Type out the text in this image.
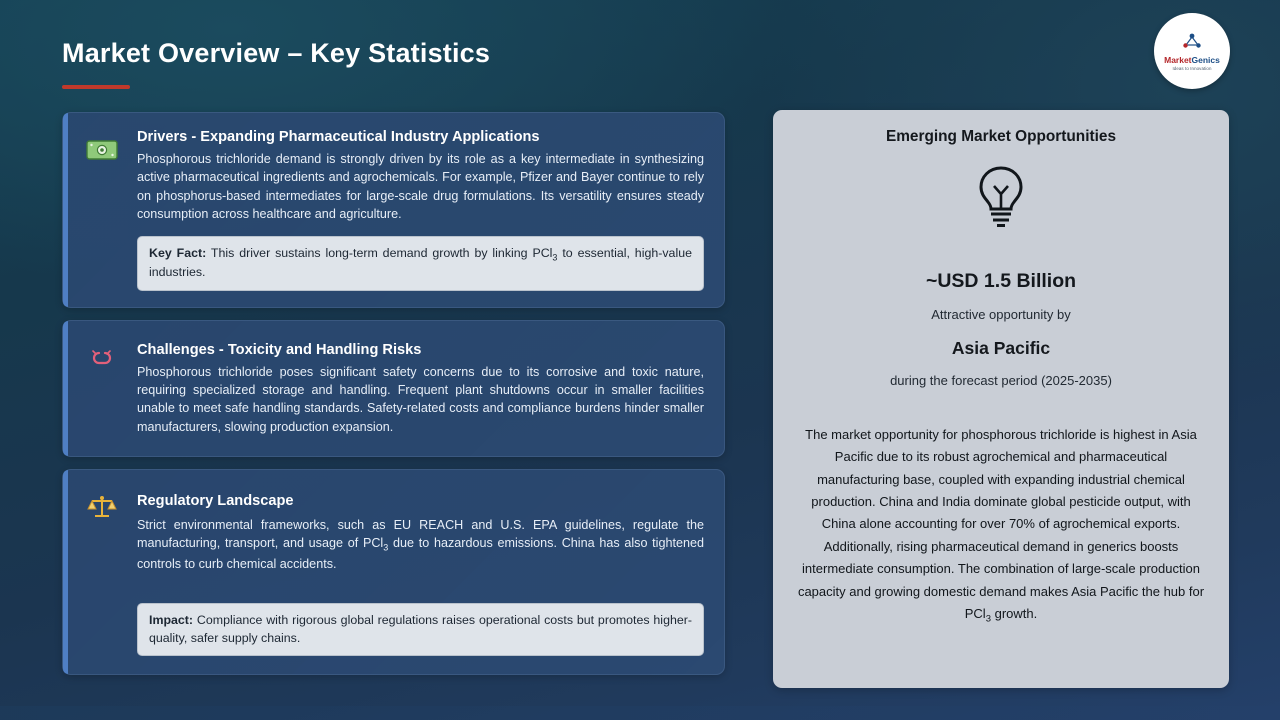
Market Overview – Key Statistics	MarketGenics
Ideas to Innovation
Drivers - Expanding Pharmaceutical Industry Applications

Phosphorous trichloride demand is strongly driven by its role as a key intermediate in synthesizing active pharmaceutical ingredients and agrochemicals. For example, Pfizer and Bayer continue to rely on phosphorus-based intermediates for large-scale drug formulations. Its versatility ensures steady consumption across healthcare and agriculture.

Key Fact: This driver sustains long-term demand growth by linking PCl$_3$ to essential, high-value industries.
Challenges - Toxicity and Handling Risks

Phosphorous trichloride poses significant safety concerns due to its corrosive and toxic nature, requiring specialized storage and handling. Frequent plant shutdowns occur in smaller facilities unable to meet safe handling standards. Safety-related costs and compliance burdens hinder smaller manufacturers, slowing production expansion.

Regulatory Landscape

Strict environmental frameworks, such as EU REACH and U.S. EPA guidelines, regulate the manufacturing, transport, and usage of PCl$_3$ due to hazardous emissions. China has also tightened controls to curb chemical accidents.

Impact: Compliance with rigorous global regulations raises operational costs but promotes higher-quality, safer supply chains.
Emerging Market Opportunities
~USD 1.5 Billion
Attractive opportunity by
Asia Pacific
during the forecast period (2025-2035)
The market opportunity for phosphorous trichloride is highest in Asia Pacific due to its robust agrochemical and pharmaceutical manufacturing base, coupled with expanding industrial chemical production. China and India dominate global pesticide output, with China alone accounting for over 70% of agrochemical exports. Additionally, rising pharmaceutical demand in generics boosts intermediate consumption. The combination of large-scale production capacity and growing domestic demand makes Asia Pacific the hub for PCl$_3$ growth.
